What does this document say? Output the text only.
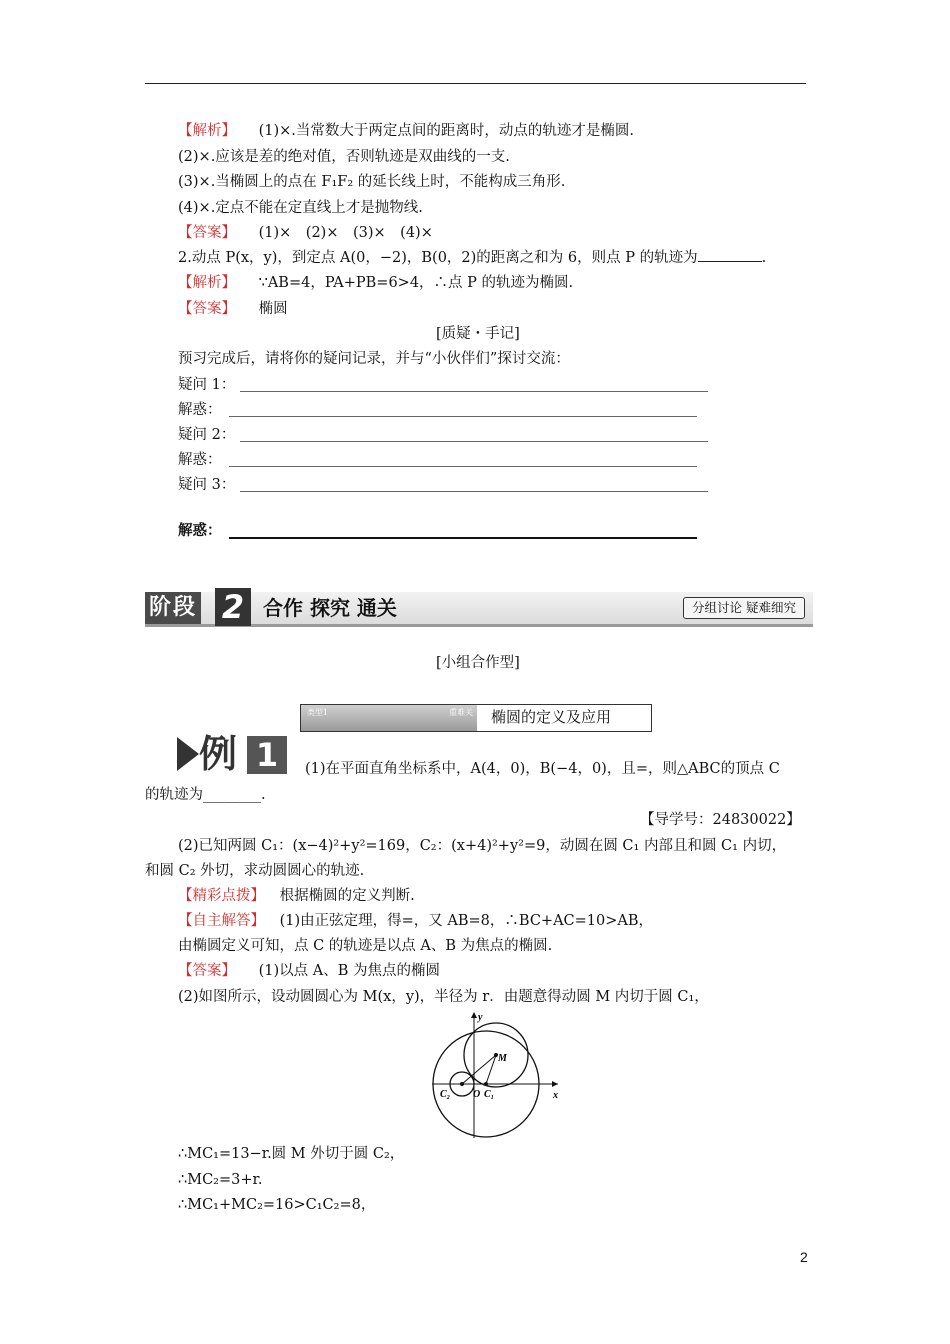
【解析】 (1)×.当常数大于两定点间的距离时，动点的轨迹才是椭圆.
(2)×.应该是差的绝对值，否则轨迹是双曲线的一支.
(3)×.当椭圆上的点在 F₁F₂ 的延长线上时，不能构成三角形.
(4)×.定点不能在定直线上才是抛物线.
【答案】 (1)×　(2)×　(3)×　(4)×
2.动点 P(x，y)，到定点 A(0，−2)，B(0，2)的距离之和为 6，则点 P 的轨迹为	.
【解析】 ∵AB=4，PA+PB=6>4，∴点 P 的轨迹为椭圆.
【答案】 椭圆
[质疑・手记]
预习完成后，请将你的疑问记录，并与“小伙伴们”探讨交流：
疑问 1：
解惑：
疑问 2：
解惑：
疑问 3：
解惑：
阶段 2 合作 探究 通关	分组讨论 疑难细究
[小组合作型]
类型1	重难关 椭圆的定义及应用
例 1	(1)在平面直角坐标系中，A(4，0)，B(−4，0)，且=，则△ABC的顶点 C
的轨迹为________.
【导学号：24830022】
(2)已知两圆 C₁：(x−4)²+y²=169，C₂：(x+4)²+y²=9，动圆在圆 C₁ 内部且和圆 C₁ 内切，
和圆 C₂ 外切，求动圆圆心的轨迹.
【精彩点拨】 根据椭圆的定义判断.
【自主解答】 (1)由正弦定理，得=，又 AB=8，∴BC+AC=10>AB，
由椭圆定义可知，点 C 的轨迹是以点 A、B 为焦点的椭圆.
【答案】 (1)以点 A、B 为焦点的椭圆
(2)如图所示，设动圆圆心为 M(x，y)，半径为 r．由题意得动圆 M 内切于圆 C₁，
y
x
M
O C₁
C₂
∴MC₁=13−r.圆 M 外切于圆 C₂，
∴MC₂=3+r.
∴MC₁+MC₂=16>C₁C₂=8，
2
